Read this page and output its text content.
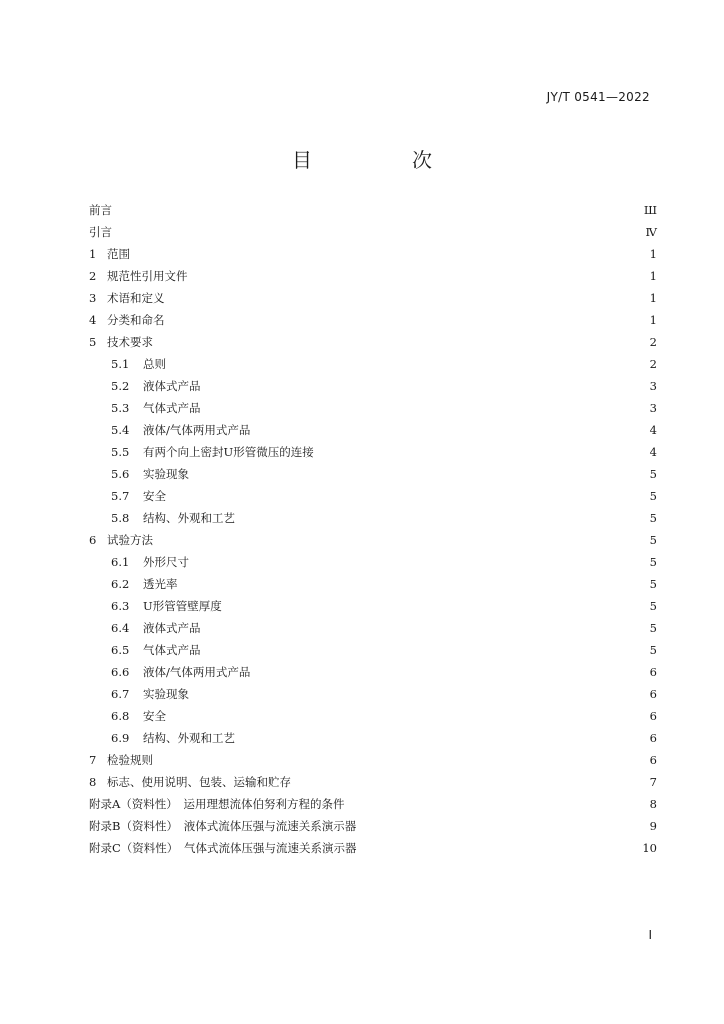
JY/T 0541—2022
目　次
前言	Ш
引言	Ⅳ
1 范围	1
2 规范性引用文件	1
3 术语和定义	1
4 分类和命名	1
5 技术要求	2
5.1	总则	2
5.2	液体式产品	3
5.3	气体式产品	3
5.4	液体/气体两用式产品	4
5.5	有两个向上密封U形管微压的连接	4
5.6	实验现象	5
5.7	安全	5
5.8	结构、外观和工艺	5
6 试验方法	5
6.1	外形尺寸	5
6.2	透光率	5
6.3	U形管管壁厚度	5
6.4	液体式产品	5
6.5	气体式产品	5
6.6	液体/气体两用式产品	6
6.7	实验现象	6
6.8	安全	6
6.9	结构、外观和工艺	6
7 检验规则	6
8 标志、使用说明、包装、运输和贮存	7
附录A（资料性）　运用理想流体伯努利方程的条件	8
附录B（资料性）　液体式流体压强与流速关系演示器	9
附录C（资料性）　气体式流体压强与流速关系演示器	10
I
